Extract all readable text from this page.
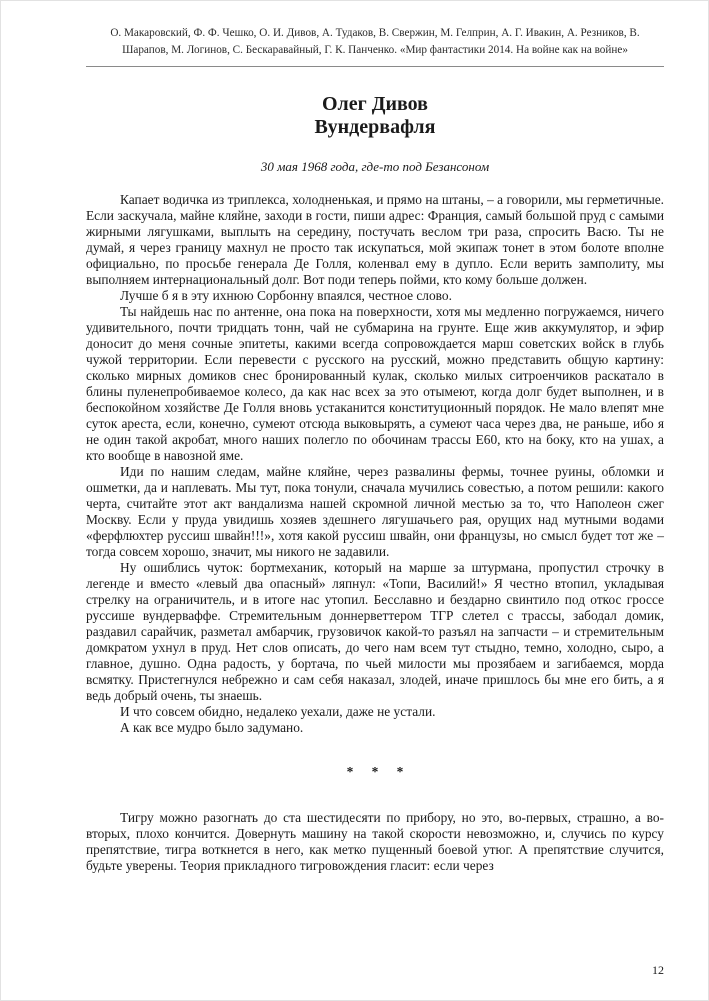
О. Макаровский, Ф. Ф. Чешко, О. И. Дивов, А. Тудаков, В. Свержин, М. Гелприн, А. Г. Ивакин, А. Резников, В. Шарапов, М. Логинов, С. Бескаравайный, Г. К. Панченко. «Мир фантастики 2014. На войне как на войне»
Олег Дивов
Вундервафля
30 мая 1968 года, где-то под Безансоном

Капает водичка из триплекса, холодненькая, и прямо на штаны, – а говорили, мы герметичные. Если заскучала, майне кляйне, заходи в гости, пиши адрес: Франция, самый большой пруд с самыми жирными лягушками, выплыть на середину, постучать веслом три раза, спросить Васю. Ты не думай, я через границу махнул не просто так искупаться, мой экипаж тонет в этом болоте вполне официально, по просьбе генерала Де Голля, коленвал ему в дупло. Если верить замполиту, мы выполняем интернациональный долг. Вот поди теперь пойми, кто кому больше должен.

Лучше б я в эту ихнюю Сорбонну впаялся, честное слово.

Ты найдешь нас по антенне, она пока на поверхности, хотя мы медленно погружаемся, ничего удивительного, почти тридцать тонн, чай не субмарина на грунте. Еще жив аккумулятор, и эфир доносит до меня сочные эпитеты, какими всегда сопровождается марш советских войск в глубь чужой территории. Если перевести с русского на русский, можно представить общую картину: сколько мирных домиков снес бронированный кулак, сколько милых ситроенчиков раскатало в блины пуленепробиваемое колесо, да как нас всех за это отымеют, когда долг будет выполнен, и в беспокойном хозяйстве Де Голля вновь устаканится конституционный порядок. Не мало влепят мне суток ареста, если, конечно, сумеют отсюда выковырять, а сумеют часа через два, не раньше, ибо я не один такой акробат, много наших полегло по обочинам трассы Е60, кто на боку, кто на ушах, а кто вообще в навозной яме.

Иди по нашим следам, майне кляйне, через развалины фермы, точнее руины, обломки и ошметки, да и наплевать. Мы тут, пока тонули, сначала мучились совестью, а потом решили: какого черта, считайте этот акт вандализма нашей скромной личной местью за то, что Наполеон сжег Москву. Если у пруда увидишь хозяев здешнего лягушачьего рая, орущих над мутными водами «ферфлюхтер руссиш швайн!!!», хотя какой руссиш швайн, они французы, но смысл будет тот же – тогда совсем хорошо, значит, мы никого не задавили.

Ну ошиблись чуток: бортмеханик, который на марше за штурмана, пропустил строчку в легенде и вместо «левый два опасный» ляпнул: «Топи, Василий!» Я честно втопил, укладывая стрелку на ограничитель, и в итоге нас утопил. Бесславно и бездарно свинтило под откос гроссе руссише вундерваффе. Стремительным доннерветтером ТГР слетел с трассы, забодал домик, раздавил сарайчик, разметал амбарчик, грузовичок какой-то разъял на запчасти – и стремительным домкратом ухнул в пруд. Нет слов описать, до чего нам всем тут стыдно, темно, холодно, сыро, а главное, душно. Одна радость, у бортача, по чьей милости мы прозябаем и загибаемся, морда всмятку. Пристегнулся небрежно и сам себя наказал, злодей, иначе пришлось бы мне его бить, а я ведь добрый очень, ты знаешь.

И что совсем обидно, недалеко уехали, даже не устали.

А как все мудро было задумано.

* * *

Тигру можно разогнать до ста шестидесяти по прибору, но это, во-первых, страшно, а во-вторых, плохо кончится. Довернуть машину на такой скорости невозможно, и, случись по курсу препятствие, тигра воткнется в него, как метко пущенный боевой утюг. А препятствие случится, будьте уверены. Теория прикладного тигровождения гласит: если через

12
